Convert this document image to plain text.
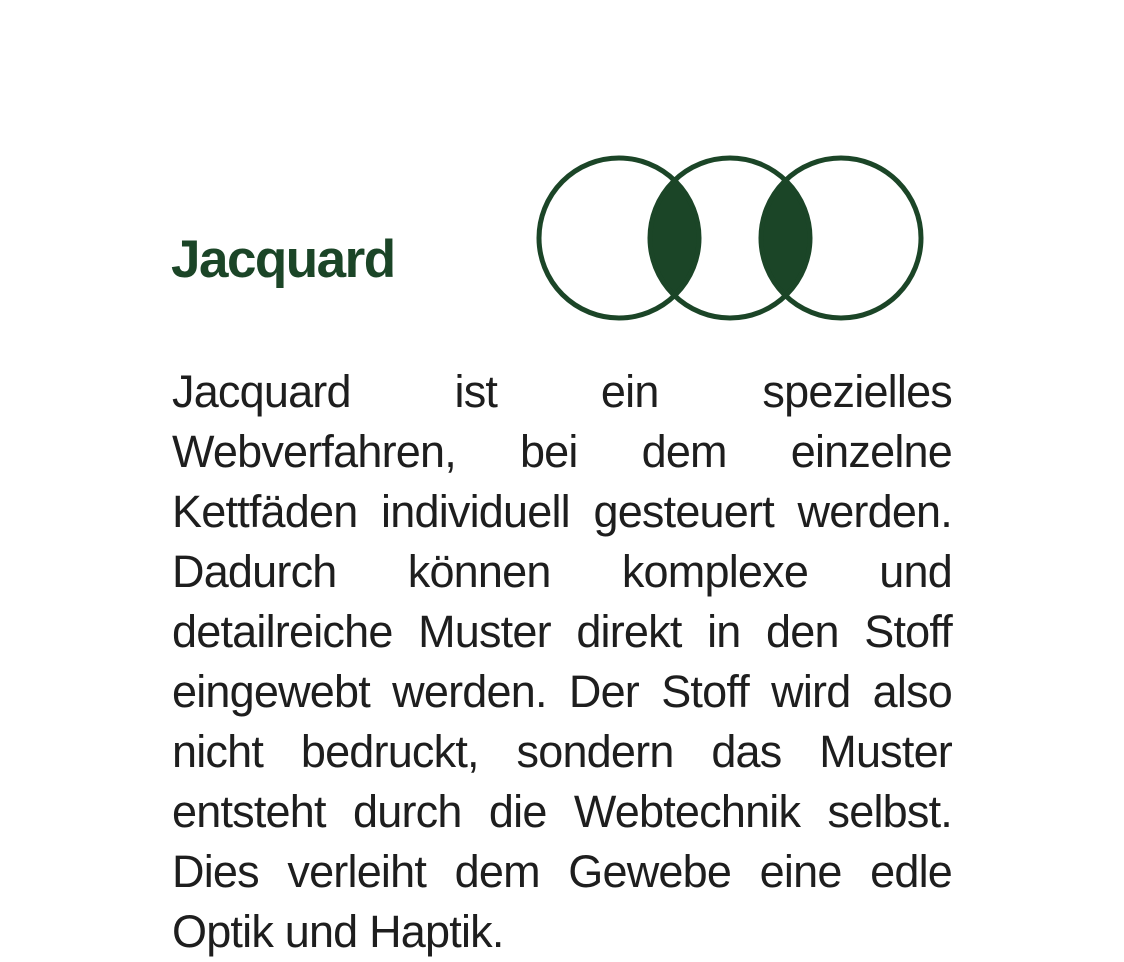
Jacquard

Jacquard ist ein spezielles Webverfahren, bei dem einzelne Kettfäden individuell gesteuert werden. Dadurch können komplexe und detailreiche Muster direkt in den Stoff eingewebt werden. Der Stoff wird also nicht bedruckt, sondern das Muster entsteht durch die Webtechnik selbst. Dies verleiht dem Gewebe eine edle Optik und Haptik.
